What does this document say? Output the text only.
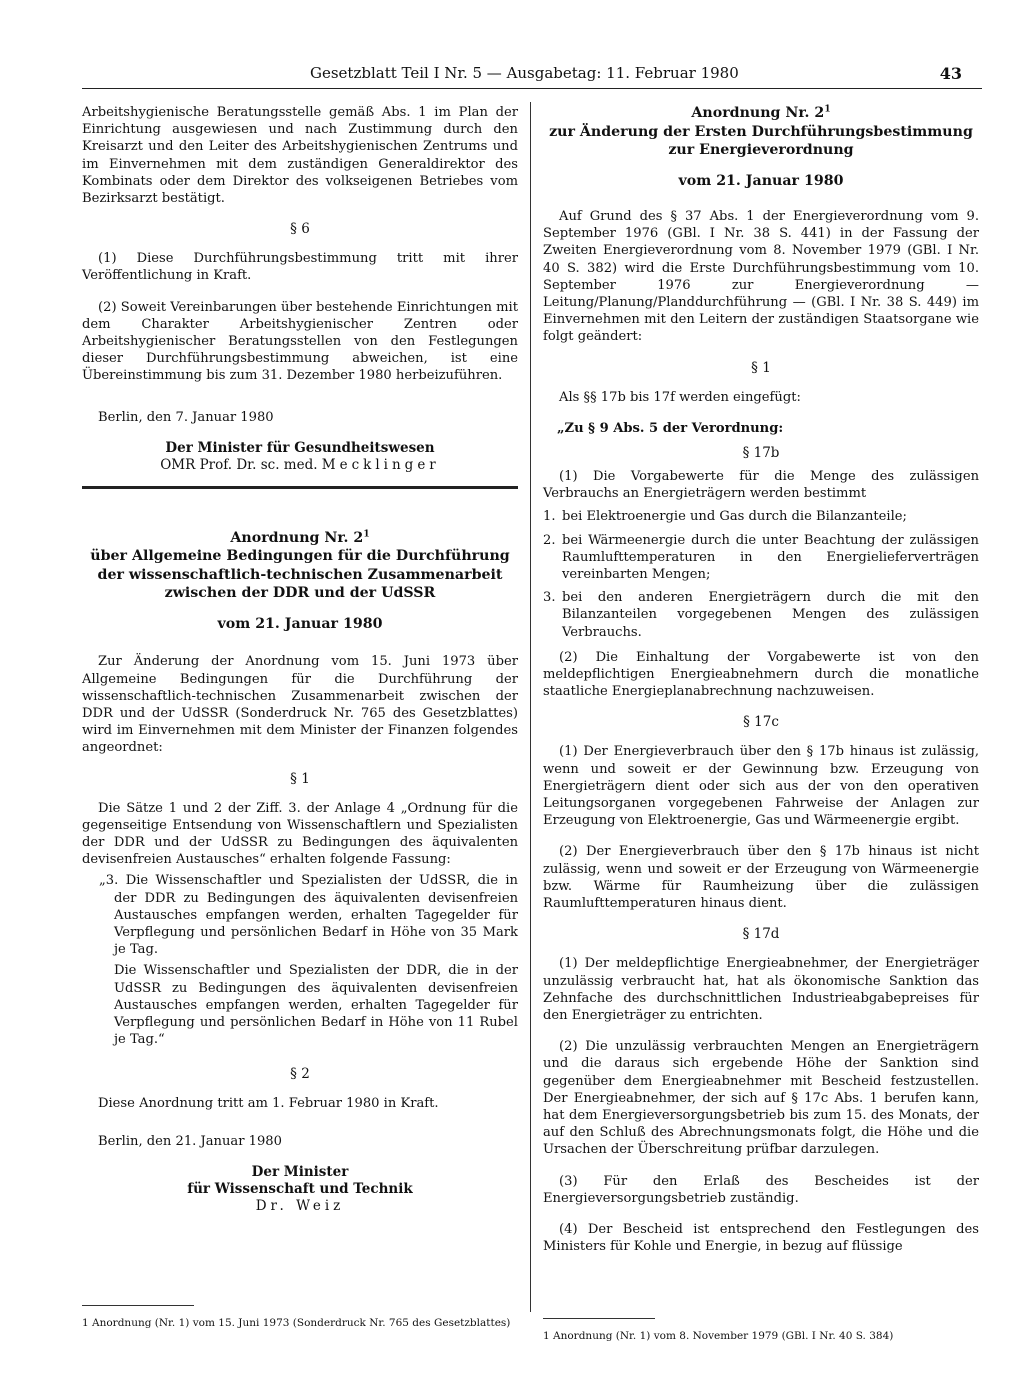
Gesetzblatt Teil I Nr. 5 — Ausgabetag: 11. Februar 1980	43

Arbeitshygienische Beratungsstelle gemäß Abs. 1 im Plan der Einrichtung ausgewiesen und nach Zustimmung durch den Kreisarzt und den Leiter des Arbeitshygienischen Zentrums und im Einvernehmen mit dem zuständigen Generaldirektor des Kombinats oder dem Direktor des volkseigenen Betriebes vom Bezirksarzt bestätigt.

§ 6

(1) Diese Durchführungsbestimmung tritt mit ihrer Veröffentlichung in Kraft.

(2) Soweit Vereinbarungen über bestehende Einrichtungen mit dem Charakter Arbeitshygienischer Zentren oder Arbeitshygienischer Beratungsstellen von den Festlegungen dieser Durchführungsbestimmung abweichen, ist eine Übereinstimmung bis zum 31. Dezember 1980 herbeizuführen.

Berlin, den 7. Januar 1980

Der Minister für Gesundheitswesen

OMR Prof. Dr. sc. med. Mecklinger

Anordnung Nr. $2^1$

über Allgemeine Bedingungen für die Durchführung

der wissenschaftlich-technischen Zusammenarbeit

zwischen der DDR und der UdSSR

vom 21. Januar 1980

Zur Änderung der Anordnung vom 15. Juni 1973 über Allgemeine Bedingungen für die Durchführung der wissenschaftlich-technischen Zusammenarbeit zwischen der DDR und der UdSSR (Sonderdruck Nr. 765 des Gesetzblattes) wird im Einvernehmen mit dem Minister der Finanzen folgendes angeordnet:

§ 1

Die Sätze 1 und 2 der Ziff. 3. der Anlage 4 „Ordnung für die gegenseitige Entsendung von Wissenschaftlern und Spezialisten der DDR und der UdSSR zu Bedingungen des äquivalenten devisenfreien Austausches“ erhalten folgende Fassung:

„3. Die Wissenschaftler und Spezialisten der UdSSR, die in der DDR zu Bedingungen des äquivalenten devisenfreien Austausches empfangen werden, erhalten Tagegelder für Verpflegung und persönlichen Bedarf in Höhe von 35 Mark je Tag.

Die Wissenschaftler und Spezialisten der DDR, die in der UdSSR zu Bedingungen des äquivalenten devisenfreien Austausches empfangen werden, erhalten Tagegelder für Verpflegung und persönlichen Bedarf in Höhe von 11 Rubel je Tag.“

§ 2

Diese Anordnung tritt am 1. Februar 1980 in Kraft.

Berlin, den 21. Januar 1980

Der Minister

für Wissenschaft und Technik

Dr. Weiz

1 Anordnung (Nr. 1) vom 15. Juni 1973 (Sonderdruck Nr. 765 des Gesetzblattes)

Anordnung Nr. $2^1$

zur Änderung der Ersten Durchführungsbestimmung

zur Energieverordnung

vom 21. Januar 1980

Auf Grund des § 37 Abs. 1 der Energieverordnung vom 9. September 1976 (GBl. I Nr. 38 S. 441) in der Fassung der Zweiten Energieverordnung vom 8. November 1979 (GBl. I Nr. 40 S. 382) wird die Erste Durchführungsbestimmung vom 10. September 1976 zur Energieverordnung — Leitung/Planung/Planddurchführung — (GBl. I Nr. 38 S. 449) im Einvernehmen mit den Leitern der zuständigen Staatsorgane wie folgt geändert:

§ 1

Als §§ 17b bis 17f werden eingefügt:

„Zu § 9 Abs. 5 der Verordnung:

§ 17b

(1) Die Vorgabewerte für die Menge des zulässigen Verbrauchs an Energieträgern werden bestimmt

1. bei Elektroenergie und Gas durch die Bilanzanteile;
2. bei Wärmeenergie durch die unter Beachtung der zulässigen Raumlufttemperaturen in den Energielieferverträgen vereinbarten Mengen;
3. bei den anderen Energieträgern durch die mit den Bilanzanteilen vorgegebenen Mengen des zulässigen Verbrauchs.

(2) Die Einhaltung der Vorgabewerte ist von den meldepflichtigen Energieabnehmern durch die monatliche staatliche Energieplanabrechnung nachzuweisen.

§ 17c

(1) Der Energieverbrauch über den § 17b hinaus ist zulässig, wenn und soweit er der Gewinnung bzw. Erzeugung von Energieträgern dient oder sich aus der von den operativen Leitungsorganen vorgegebenen Fahrweise der Anlagen zur Erzeugung von Elektroenergie, Gas und Wärmeenergie ergibt.

(2) Der Energieverbrauch über den § 17b hinaus ist nicht zulässig, wenn und soweit er der Erzeugung von Wärmeenergie bzw. Wärme für Raumheizung über die zulässigen Raumlufttemperaturen hinaus dient.

§ 17d

(1) Der meldepflichtige Energieabnehmer, der Energieträger unzulässig verbraucht hat, hat als ökonomische Sanktion das Zehnfache des durchschnittlichen Industrieabgabepreises für den Energieträger zu entrichten.

(2) Die unzulässig verbrauchten Mengen an Energieträgern und die daraus sich ergebende Höhe der Sanktion sind gegenüber dem Energieabnehmer mit Bescheid festzustellen. Der Energieabnehmer, der sich auf § 17c Abs. 1 berufen kann, hat dem Energieversorgungsbetrieb bis zum 15. des Monats, der auf den Schluß des Abrechnungsmonats folgt, die Höhe und die Ursachen der Überschreitung prüfbar darzulegen.

(3) Für den Erlaß des Bescheides ist der Energieversorgungsbetrieb zuständig.

(4) Der Bescheid ist entsprechend den Festlegungen des Ministers für Kohle und Energie, in bezug auf flüssige

1 Anordnung (Nr. 1) vom 8. November 1979 (GBl. I Nr. 40 S. 384)
